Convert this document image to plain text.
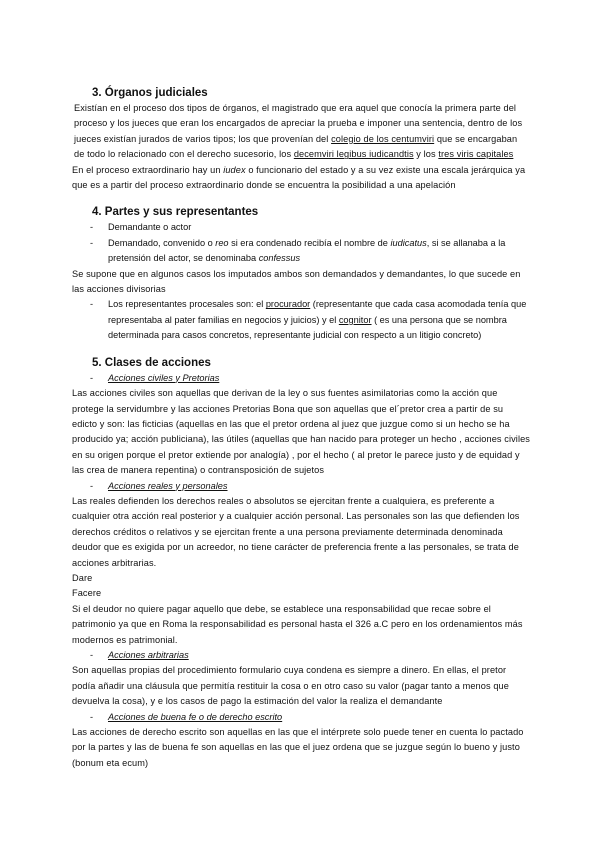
3. Órganos judiciales

Existían en el proceso dos tipos de órganos, el magistrado que era aquel que conocía la primera parte del proceso y los jueces que eran los encargados de apreciar la prueba e imponer una sentencia, dentro de los jueces existían jurados de varios tipos; los que provenían del colegio de los centumviri que se encargaban de todo lo relacionado con el derecho sucesorio, los decemviri legibus iudicandtis y los tres viris capitales

En el proceso extraordinario hay un iudex o funcionario del estado y a su vez existe una escala jerárquica ya que es a partir del proceso extraordinario donde se encuentra la posibilidad a una apelación

4. Partes y sus representantes
- Demandante o actor
- Demandado, convenido o reo si era condenado recibía el nombre de iudicatus, si se allanaba a la pretensión del actor, se denominaba confessus

Se supone que en algunos casos los imputados ambos son demandados y demandantes, lo que sucede en las acciones divisorias

- Los representantes procesales son: el procurador (representante que cada casa acomodada tenía que representaba al pater familias en negocios y juicios) y el cognitor ( es una persona que se nombra determinada para casos concretos, representante judicial con respecto a un litigio concreto)
5. Clases de acciones
- Acciones civiles y Pretorias

Las acciones civiles son aquellas que derivan de la ley o sus fuentes asimilatorias como la acción que protege la servidumbre y las acciones Pretorias Bona que son aquellas que el´pretor crea a partir de su edicto y son: las ficticias (aquellas en las que el pretor ordena al juez que juzgue como si un hecho se ha producido ya; acción publiciana), las útiles (aquellas que han nacido para proteger un hecho , acciones civiles en su origen porque el pretor extiende por analogía) , por el hecho ( al pretor le parece justo y de equidad y las crea de manera repentina) o contransposición de sujetos

- Acciones reales y personales

Las reales defienden los derechos reales o absolutos se ejercitan frente a cualquiera, es preferente a cualquier otra acción real posterior y a cualquier acción personal. Las personales son las que defienden los derechos créditos o relativos y se ejercitan frente a una persona previamente determinada denominada deudor que es exigida por un acreedor, no tiene carácter de preferencia frente a las personales, se trata de acciones arbitrarias.

Dare

Facere

Si el deudor no quiere pagar aquello que debe, se establece una responsabilidad que recae sobre el patrimonio ya que en Roma la responsabilidad es personal hasta el 326 a.C pero en los ordenamientos más modernos es patrimonial.

- Acciones arbitrarias

Son aquellas propias del procedimiento formulario cuya condena es siempre a dinero. En ellas, el pretor podía añadir una cláusula que permitía restituir la cosa o en otro caso su valor (pagar tanto a menos que devuelva la cosa), y e los casos de pago la estimación del valor la realiza el demandante

- Acciones de buena fe o de derecho escrito

Las acciones de derecho escrito son aquellas en las que el intérprete solo puede tener en cuenta lo pactado por la partes y las de buena fe son aquellas en las que el juez ordena que se juzgue según lo bueno y justo (bonum eta ecum)
